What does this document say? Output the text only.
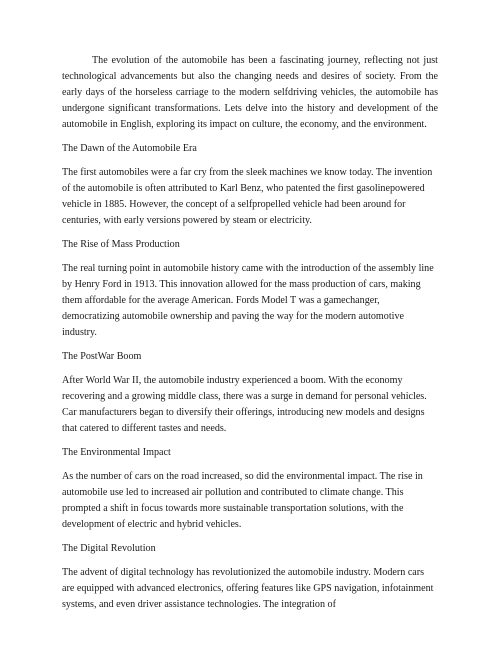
The evolution of the automobile has been a fascinating journey, reflecting not just technological advancements but also the changing needs and desires of society. From the early days of the horseless carriage to the modern selfdriving vehicles, the automobile has undergone significant transformations. Lets delve into the history and development of the automobile in English, exploring its impact on culture, the economy, and the environment.

The Dawn of the Automobile Era

The first automobiles were a far cry from the sleek machines we know today. The invention of the automobile is often attributed to Karl Benz, who patented the first gasolinepowered vehicle in 1885. However, the concept of a selfpropelled vehicle had been around for centuries, with early versions powered by steam or electricity.

The Rise of Mass Production

The real turning point in automobile history came with the introduction of the assembly line by Henry Ford in 1913. This innovation allowed for the mass production of cars, making them affordable for the average American. Fords Model T was a gamechanger, democratizing automobile ownership and paving the way for the modern automotive industry.

The PostWar Boom

After World War II, the automobile industry experienced a boom. With the economy recovering and a growing middle class, there was a surge in demand for personal vehicles. Car manufacturers began to diversify their offerings, introducing new models and designs that catered to different tastes and needs.

The Environmental Impact

As the number of cars on the road increased, so did the environmental impact. The rise in automobile use led to increased air pollution and contributed to climate change. This prompted a shift in focus towards more sustainable transportation solutions, with the development of electric and hybrid vehicles.

The Digital Revolution

The advent of digital technology has revolutionized the automobile industry. Modern cars are equipped with advanced electronics, offering features like GPS navigation, infotainment systems, and even driver assistance technologies. The integration of
